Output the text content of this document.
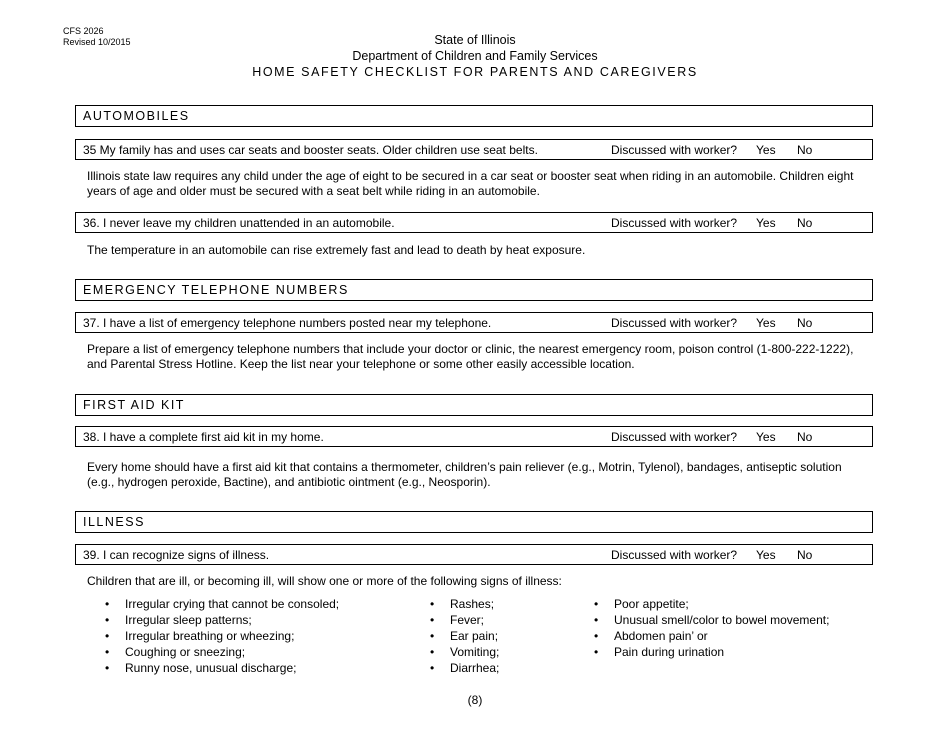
CFS 2026
Revised 10/2015	State of Illinois
Department of Children and Family Services
HOME SAFETY CHECKLIST FOR PARENTS AND CAREGIVERS
AUTOMOBILES
35 My family has and uses car seats and booster seats. Older children use seat belts.	Discussed with worker? Yes No
Illinois state law requires any child under the age of eight to be secured in a car seat or booster seat when riding in an automobile. Children eight years of age and older must be secured with a seat belt while riding in an automobile.
36. I never leave my children unattended in an automobile.	Discussed with worker? Yes No
The temperature in an automobile can rise extremely fast and lead to death by heat exposure.
EMERGENCY TELEPHONE NUMBERS
37. I have a list of emergency telephone numbers posted near my telephone.	Discussed with worker? Yes No
Prepare a list of emergency telephone numbers that include your doctor or clinic, the nearest emergency room, poison control (1-800-222-1222), and Parental Stress Hotline. Keep the list near your telephone or some other easily accessible location.
FIRST AID KIT
38. I have a complete first aid kit in my home.	Discussed with worker? Yes No
Every home should have a first aid kit that contains a thermometer, children’s pain reliever (e.g., Motrin, Tylenol), bandages, antiseptic solution (e.g., hydrogen peroxide, Bactine), and antibiotic ointment (e.g., Neosporin).
ILLNESS
39. I can recognize signs of illness.	Discussed with worker? Yes No
Children that are ill, or becoming ill, will show one or more of the following signs of illness:
• Irregular crying that cannot be consoled;
• Irregular sleep patterns;
• Irregular breathing or wheezing;
• Coughing or sneezing;
• Runny nose, unusual discharge;
• Rashes;
• Fever;
• Ear pain;
• Vomiting;
• Diarrhea;
• Poor appetite;
• Unusual smell/color to bowel movement;
• Abdomen pain’ or
• Pain during urination
(8)
